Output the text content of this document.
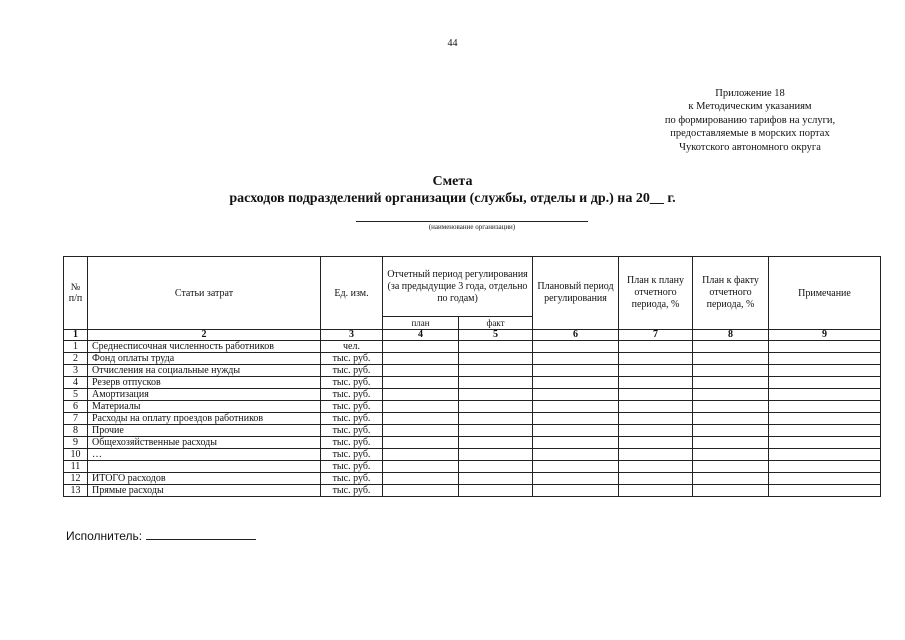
44
Приложение 18
к Методическим указаниям
по формированию тарифов на услуги,
предоставляемые в морских портах
Чукотского автономного округа
Смета
расходов подразделений организации (службы, отделы и др.) на 20__ г.
(наименование организации)
№ п/п	Статьи затрат	Ед. изм.	Отчетный период регулирования (за предыдущие 3 года, отдельно по годам)		Плановый период регулирования	План к плану отчетного периода, %	План к факту отчетного периода, %	Примечание
			план	факт				
1	2	3	4	5	6	7	8	9
1	Среднесписочная численность работников	чел.						
2	Фонд оплаты труда	тыс. руб.						
3	Отчисления на социальные нужды	тыс. руб.						
4	Резерв отпусков	тыс. руб.						
5	Амортизация	тыс. руб.						
6	Материалы	тыс. руб.						
7	Расходы на оплату проездов работников	тыс. руб.						
8	Прочие	тыс. руб.						
9	Общехозяйственные расходы	тыс. руб.						
10	…	тыс. руб.						
11		тыс. руб.						
12	ИТОГО расходов	тыс. руб.						
13	Прямые расходы	тыс. руб.						
Исполнитель:
